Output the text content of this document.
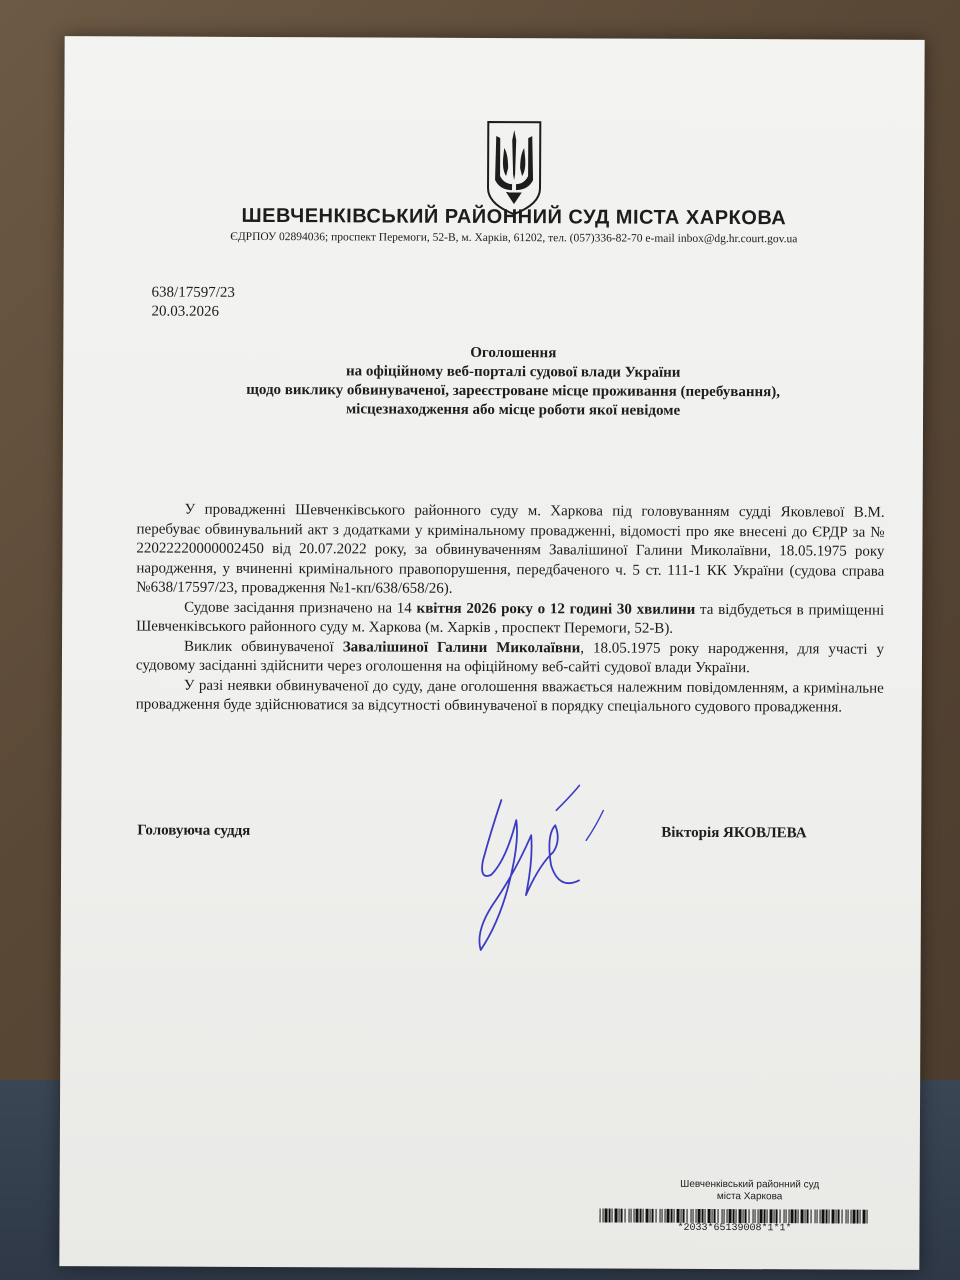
ШЕВЧЕНКІВСЬКИЙ РАЙОННИЙ СУД МІСТА ХАРКОВА
ЄДРПОУ 02894036; проспект Перемоги, 52-В, м. Харків, 61202, тел. (057)336-82-70 e-mail inbox@dg.hr.court.gov.ua
638/17597/23
20.03.2026
Оголошення
на офіційному веб-порталі судової влади України
щодо виклику обвинуваченої, зареєстроване місце проживання (перебування),
місцезнаходження або місце роботи якої невідоме

У провадженні Шевченківського районного суду м. Харкова під головуванням судді Яковлевої В.М. перебуває обвинувальний акт з додатками у кримінальному провадженні, відомості про яке внесені до ЄРДР за № 22022220000002450 від 20.07.2022 року, за обвинуваченням Завалішиної Галини Миколаївни, 18.05.1975 року народження, у вчиненні кримінального правопорушення, передбаченого ч. 5 ст. 111-1 КК України (судова справа №638/17597/23, провадження №1-кп/638/658/26).

Судове засідання призначено на 14 квітня 2026 року о 12 годині 30 хвилини та відбудеться в приміщенні Шевченківського районного суду м. Харкова (м. Харків , проспект Перемоги, 52-В).

Виклик обвинуваченої Завалішиної Галини Миколаївни, 18.05.1975 року народження, для участі у судовому засіданні здійснити через оголошення на офіційному веб-сайті судової влади України.

У разі неявки обвинуваченої до суду, дане оголошення вважається належним повідомленням, а кримінальне провадження буде здійснюватися за відсутності обвинуваченої в порядку спеціального судового провадження.

Головуюча суддя	Вікторія ЯКОВЛЕВА
Шевченківський районний суд
міста Харкова
*2033*65139008*1*1*
